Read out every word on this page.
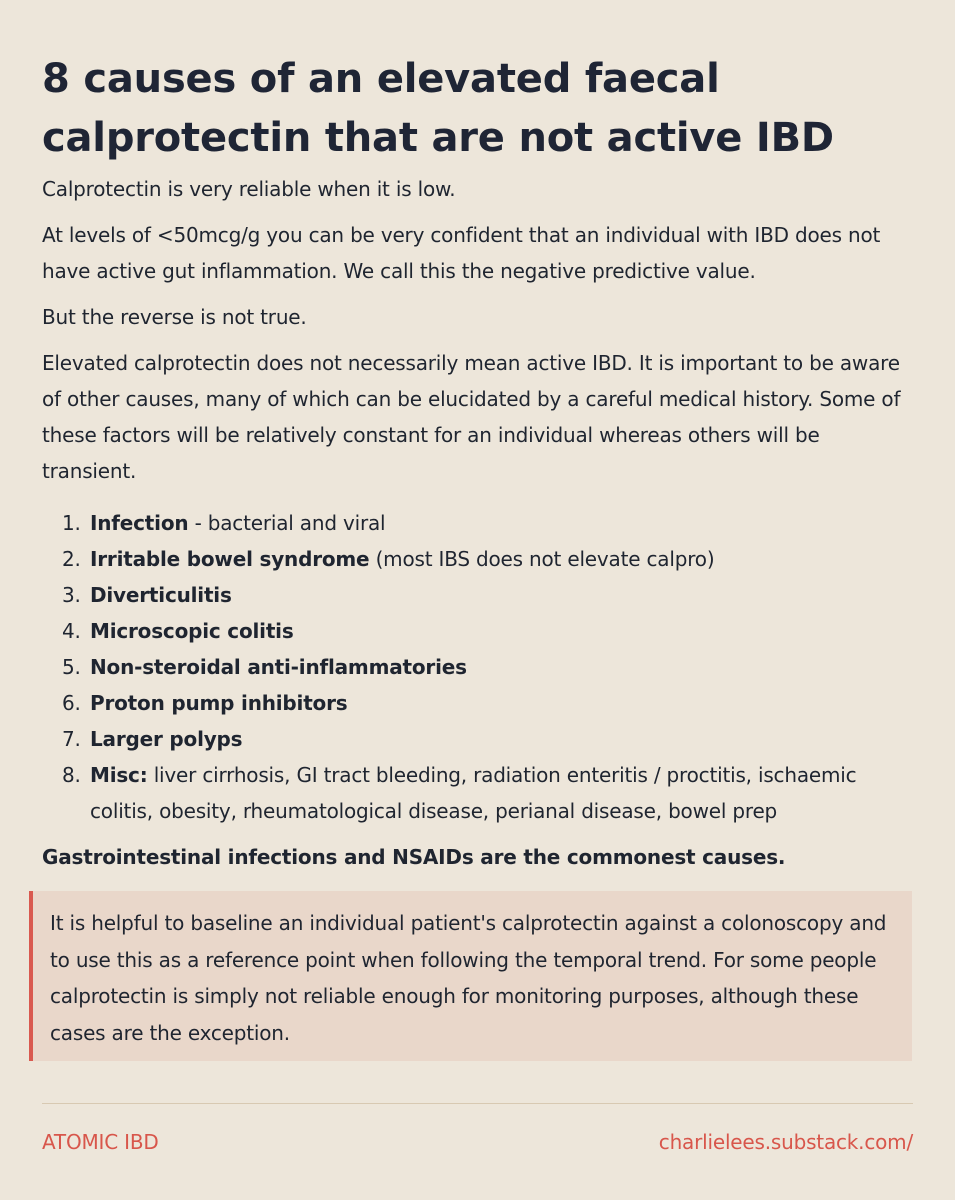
8 causes of an elevated faecal calprotectin that are not active IBD

Calprotectin is very reliable when it is low.

At levels of <50mcg/g you can be very confident that an individual with IBD does not have active gut inflammation. We call this the negative predictive value.

But the reverse is not true.

Elevated calprotectin does not necessarily mean active IBD. It is important to be aware of other causes, many of which can be elucidated by a careful medical history. Some of these factors will be relatively constant for an individual whereas others will be transient.

1. Infection - bacterial and viral
2. Irritable bowel syndrome (most IBS does not elevate calpro)
3. Diverticulitis
4. Microscopic colitis
5. Non-steroidal anti-inflammatories
6. Proton pump inhibitors
7. Larger polyps
8. Misc: liver cirrhosis, GI tract bleeding, radiation enteritis / proctitis, ischaemic colitis, obesity, rheumatological disease, perianal disease, bowel prep

Gastrointestinal infections and NSAIDs are the commonest causes.

It is helpful to baseline an individual patient's calprotectin against a colonoscopy and to use this as a reference point when following the temporal trend. For some people calprotectin is simply not reliable enough for monitoring purposes, although these cases are the exception.

ATOMIC IBD	charlielees.substack.com/
